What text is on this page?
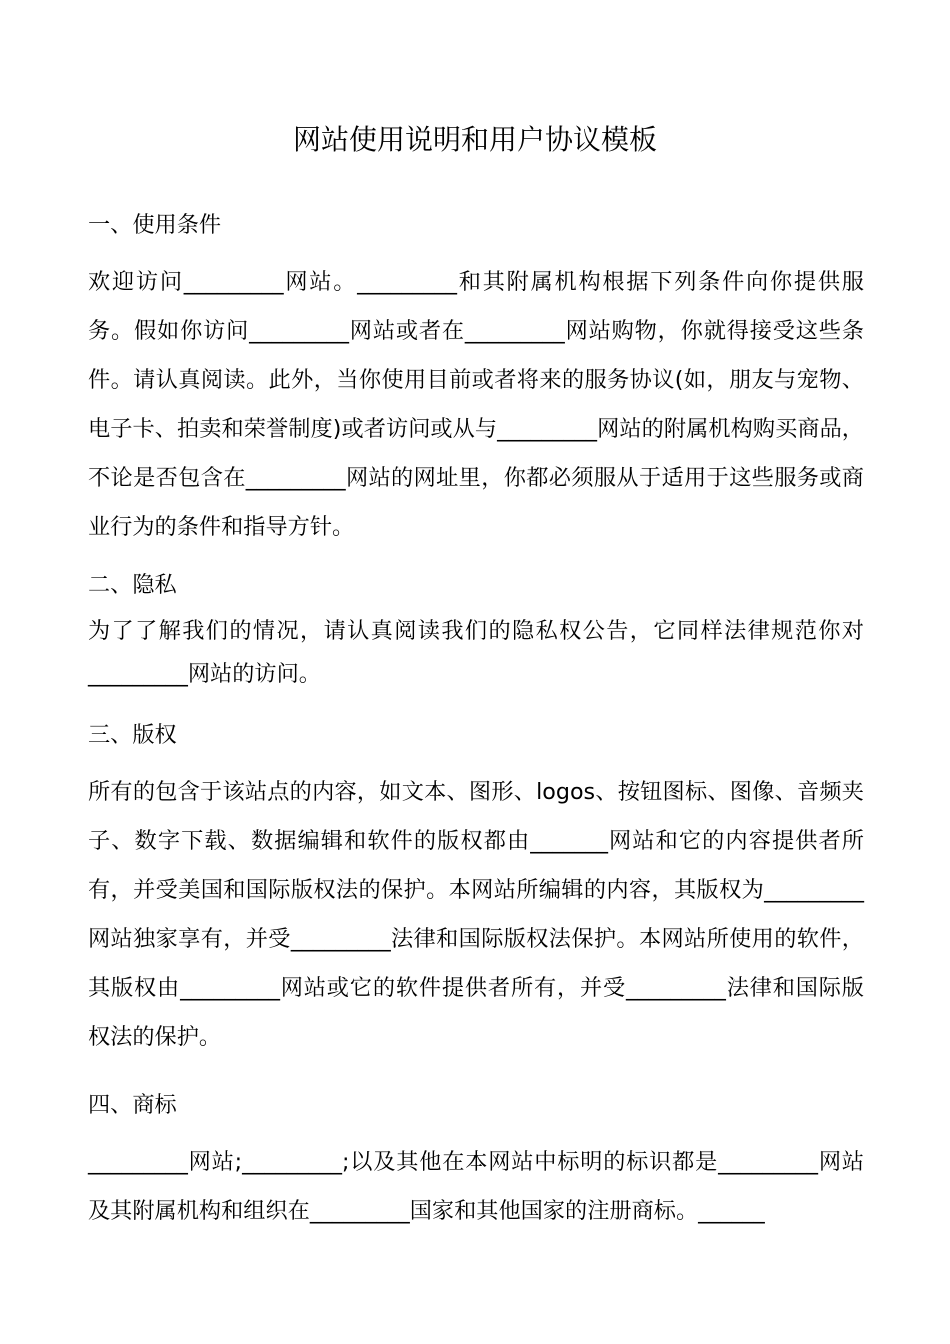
网站使用说明和用户协议模板

一、使用条件

欢迎访问_________网站。_________和其附属机构根据下列条件向你提供服务。假如你访问_________网站或者在_________网站购物，你就得接受这些条件。请认真阅读。此外，当你使用目前或者将来的服务协议(如，朋友与宠物、电子卡、拍卖和荣誉制度)或者访问或从与_________网站的附属机构购买商品，不论是否包含在_________网站的网址里，你都必须服从于适用于这些服务或商业行为的条件和指导方针。

二、隐私

为了了解我们的情况，请认真阅读我们的隐私权公告，它同样法律规范你对_________网站的访问。

三、版权

所有的包含于该站点的内容，如文本、图形、logos、按钮图标、图像、音频夹子、数字下载、数据编辑和软件的版权都由_______网站和它的内容提供者所有，并受美国和国际版权法的保护。本网站所编辑的内容，其版权为_________网站独家享有，并受_________法律和国际版权法保护。本网站所使用的软件，其版权由_________网站或它的软件提供者所有，并受_________法律和国际版权法的保护。

四、商标

_________网站;_________;以及其他在本网站中标明的标识都是_________网站及其附属机构和组织在_________国家和其他国家的注册商标。______
